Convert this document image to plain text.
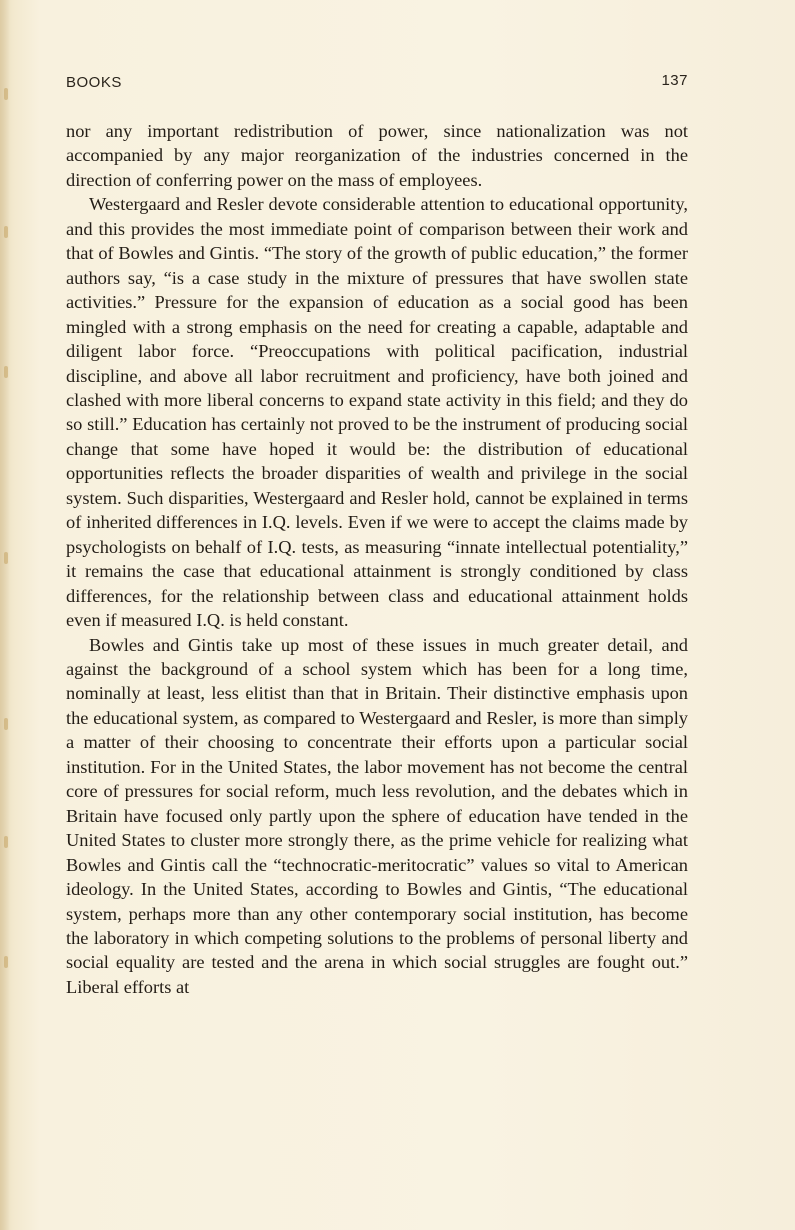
BOOKS	137

nor any important redistribution of power, since nationalization was not accompanied by any major reorganization of the industries concerned in the direction of conferring power on the mass of employees.

Westergaard and Resler devote considerable attention to educational opportunity, and this provides the most immediate point of comparison between their work and that of Bowles and Gintis. “The story of the growth of public education,” the former authors say, “is a case study in the mixture of pressures that have swollen state activities.” Pressure for the expansion of education as a social good has been mingled with a strong emphasis on the need for creating a capable, adaptable and diligent labor force. “Preoccupations with political pacification, industrial discipline, and above all labor recruitment and proficiency, have both joined and clashed with more liberal concerns to expand state activity in this field; and they do so still.” Education has certainly not proved to be the instrument of producing social change that some have hoped it would be: the distribution of educational opportunities reflects the broader disparities of wealth and privilege in the social system. Such disparities, Westergaard and Resler hold, cannot be explained in terms of inherited differences in I.Q. levels. Even if we were to accept the claims made by psychologists on behalf of I.Q. tests, as measuring “innate intellectual potentiality,” it remains the case that educational attainment is strongly conditioned by class differences, for the relationship between class and educational attainment holds even if measured I.Q. is held constant.

Bowles and Gintis take up most of these issues in much greater detail, and against the background of a school system which has been for a long time, nominally at least, less elitist than that in Britain. Their distinctive emphasis upon the educational system, as compared to Westergaard and Resler, is more than simply a matter of their choosing to concentrate their efforts upon a particular social institution. For in the United States, the labor movement has not become the central core of pressures for social reform, much less revolution, and the debates which in Britain have focused only partly upon the sphere of education have tended in the United States to cluster more strongly there, as the prime vehicle for realizing what Bowles and Gintis call the “technocratic-meritocratic” values so vital to American ideology. In the United States, according to Bowles and Gintis, “The educational system, perhaps more than any other contemporary social institution, has become the laboratory in which competing solutions to the problems of personal liberty and social equality are tested and the arena in which social struggles are fought out.” Liberal efforts at
